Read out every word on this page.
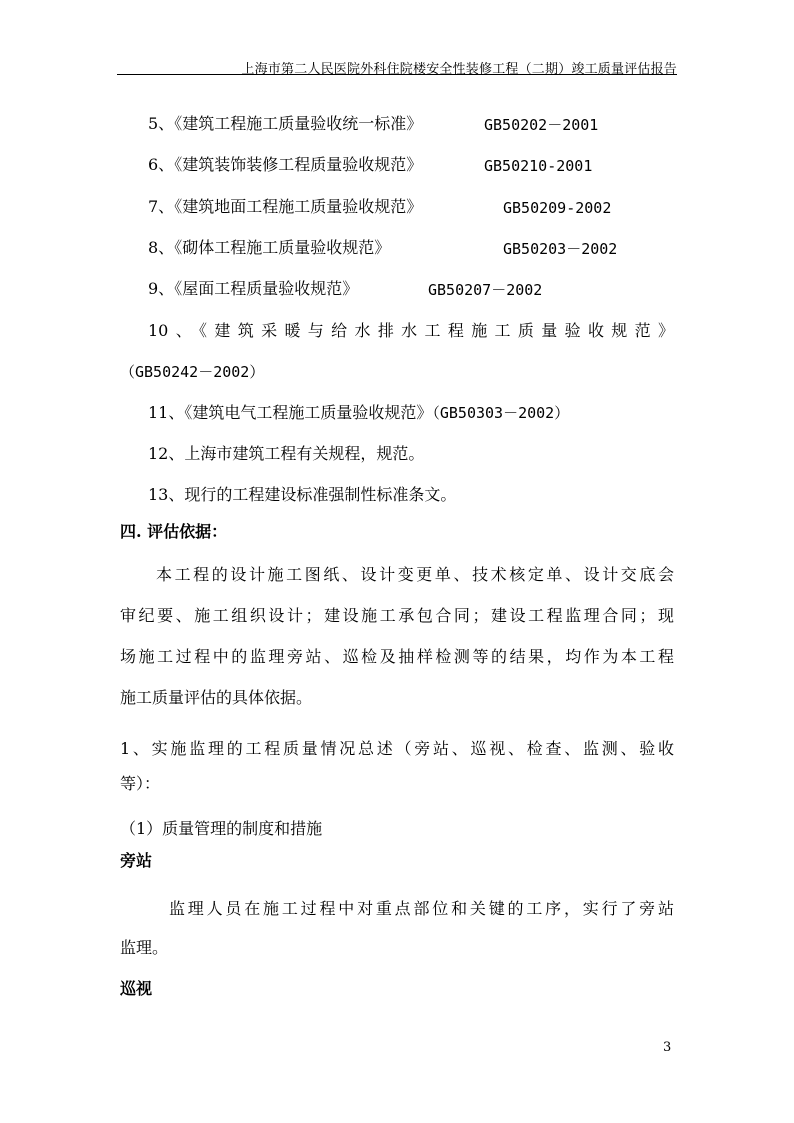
上海市第二人民医院外科住院楼安全性装修工程（二期）竣工质量评估报告
5、《建筑工程施工质量验收统一标准》	GB50202－2001
6、《建筑装饰装修工程质量验收规范》	GB50210-2001
7、《建筑地面工程施工质量验收规范》	GB50209-2002
8、《砌体工程施工质量验收规范》	GB50203－2002
9、《屋面工程质量验收规范》	GB50207－2002
10、《建筑采暖与给水排水工程施工质量验收规范》
（GB50242－2002）
11、《建筑电气工程施工质量验收规范》（GB50303－2002）
12、上海市建筑工程有关规程，规范。
13、现行的工程建设标准强制性标准条文。
四. 评估依据：
本工程的设计施工图纸、设计变更单、技术核定单、设计交底会
审纪要、施工组织设计；建设施工承包合同；建设工程监理合同；现
场施工过程中的监理旁站、巡检及抽样检测等的结果，均作为本工程
施工质量评估的具体依据。
1、实施监理的工程质量情况总述（旁站、巡视、检查、监测、验收
等）：
（1）质量管理的制度和措施
旁站
监理人员在施工过程中对重点部位和关键的工序，实行了旁站
监理。
巡视
3
